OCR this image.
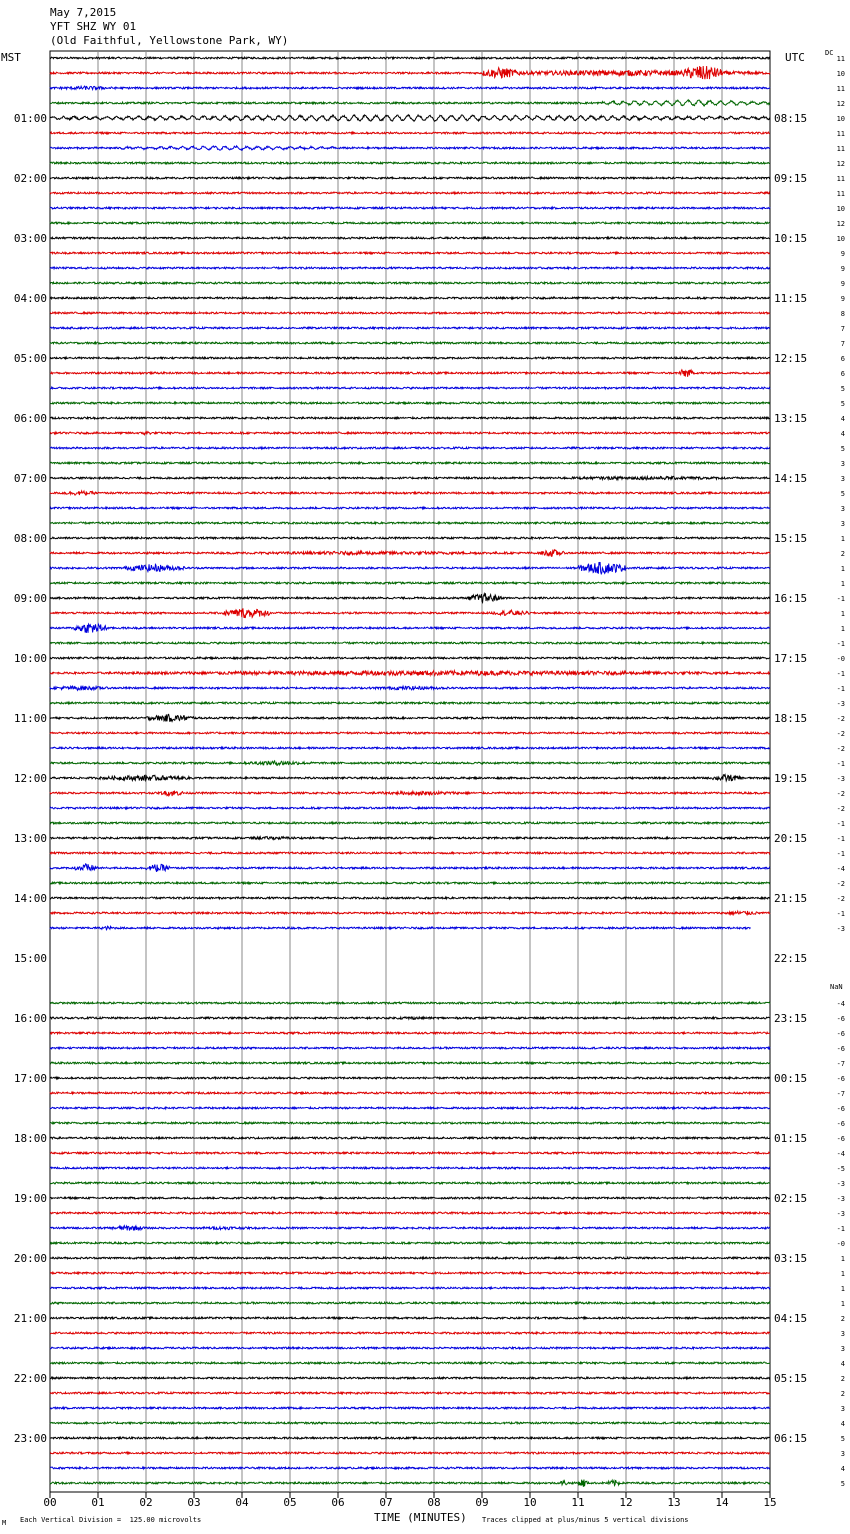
00	01	02	03	04	05	06	07	08	09	10	11	12	13	14	15
11
10
11
12
10
11
11
12
11
11
10
12
10
9
9
9
9
8
7
7
6
6
5
5
4
4
5
3
3
5
3
3
1
2
1
1
-1
1
1
-1
-0
-1
-1
-3
-2
-2
-2
-1
-3
-2
-2
-1
-1
-1
-4
-2
-2
-1
-3
-4
-6
-6
-6
-7
-6
-7
-6
-6
-6
-4
-5
-3
-3
-3
-1
-0
1
1
1
1
2
3
3
4
2
2
3
4
5
3
4
5
01:00
02:00
03:00
04:00
05:00
06:00
07:00
08:00
09:00
10:00
11:00
12:00
13:00
14:00
15:00
16:00
17:00
18:00
19:00
20:00
21:00
22:00
23:00
08:15
09:15
10:15
11:15
12:15
13:15
14:15
15:15
16:15
17:15
18:15
19:15
20:15
21:15
22:15
23:15
00:15
01:15
02:15
03:15
04:15
05:15
06:15
May 7,2015
YFT SHZ WY 01
(Old Faithful, Yellowstone Park, WY)
MST	UTC	DC
NaN
M Each Vertical Division =  125.00 microvolts	TIME (MINUTES) Traces clipped at plus/minus 5 vertical divisions
